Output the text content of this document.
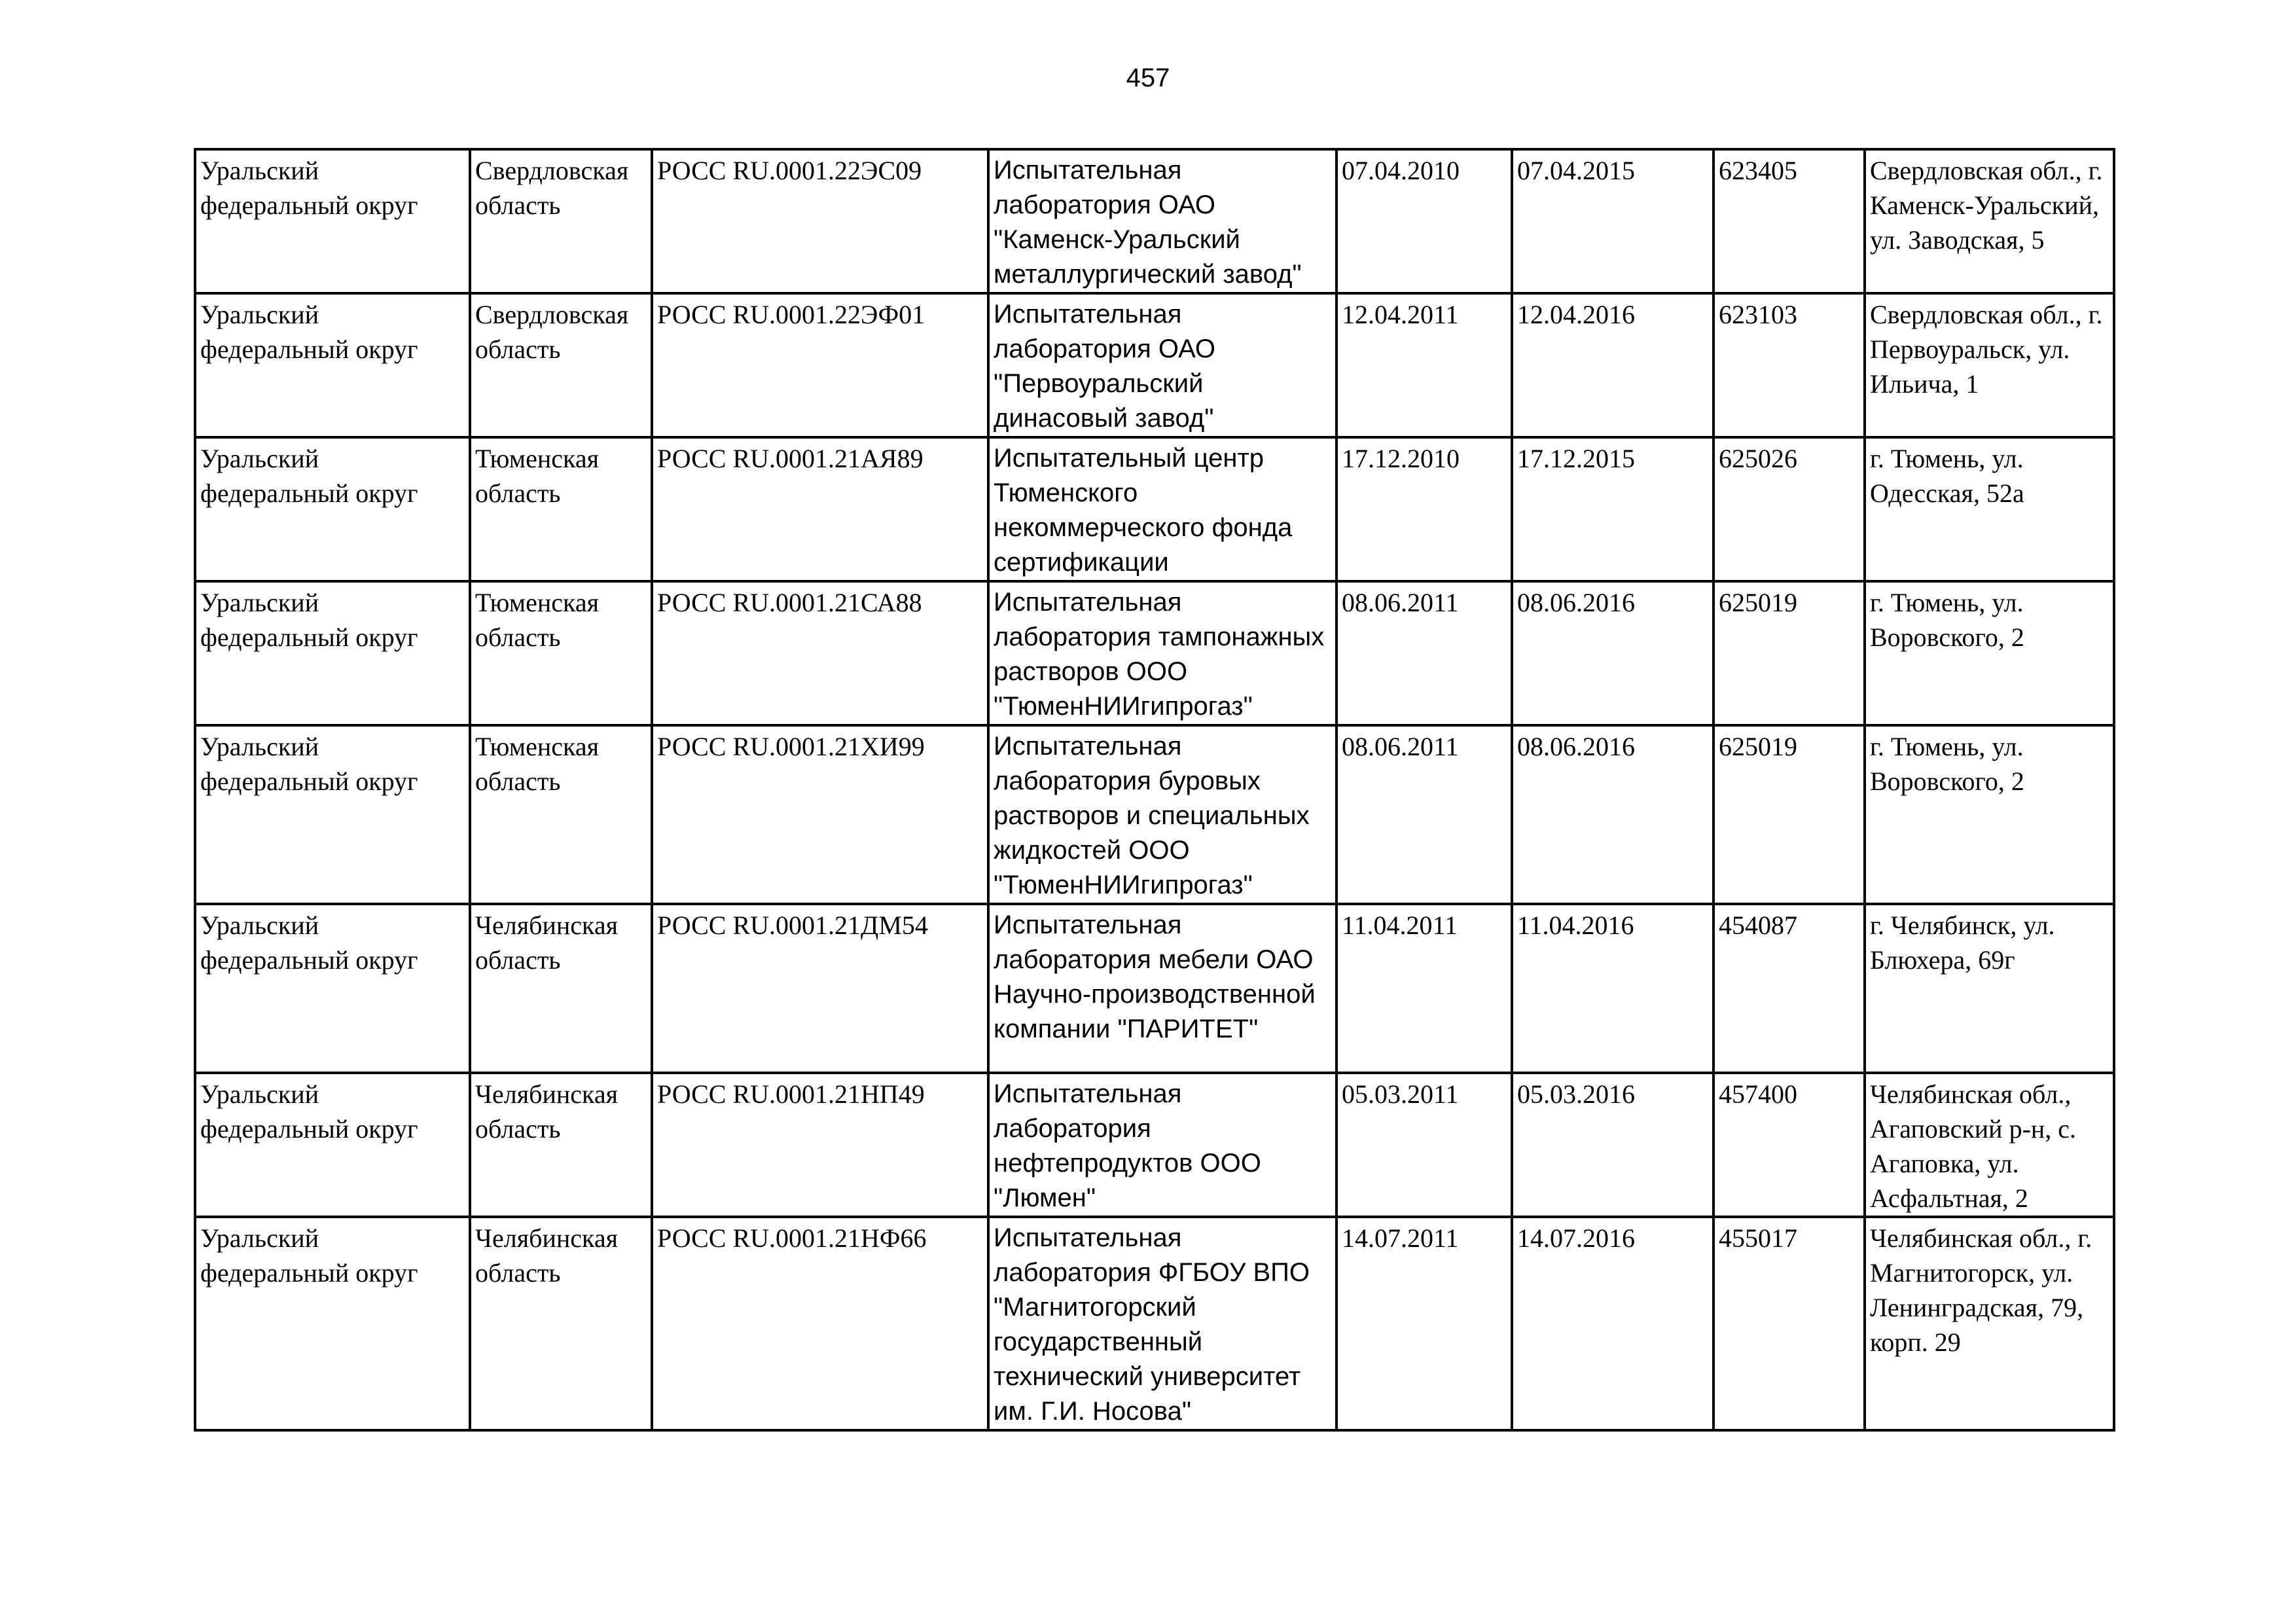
457
Уральский федеральный округ	Свердловская область	РОСС RU.0001.22ЭС09	Испытательная лаборатория ОАО "Каменск-Уральский металлургический завод"	07.04.2010	07.04.2015	623405	Свердловская обл., г. Каменск-Уральский, ул. Заводская, 5

Уральский федеральный округ	Свердловская область	РОСС RU.0001.22ЭФ01	Испытательная лаборатория ОАО "Первоуральский динасовый завод"	12.04.2011	12.04.2016	623103	Свердловская обл., г. Первоуральск, ул. Ильича, 1

Уральский федеральный округ	Тюменская область	РОСС RU.0001.21АЯ89	Испытательный центр Тюменского некоммерческого фонда сертификации	17.12.2010	17.12.2015	625026	г. Тюмень, ул. Одесская, 52а

Уральский федеральный округ	Тюменская область	РОСС RU.0001.21СА88	Испытательная лаборатория тампонажных растворов ООО "ТюменНИИгипрогаз"	08.06.2011	08.06.2016	625019	г. Тюмень, ул. Воровского, 2

Уральский федеральный округ	Тюменская область	РОСС RU.0001.21ХИ99	Испытательная лаборатория буровых растворов и специальных жидкостей ООО "ТюменНИИгипрогаз"	08.06.2011	08.06.2016	625019	г. Тюмень, ул. Воровского, 2

Уральский федеральный округ	Челябинская область	РОСС RU.0001.21ДМ54	Испытательная лаборатория мебели ОАО Научно-производственной компании "ПАРИТЕТ"	11.04.2011	11.04.2016	454087	г. Челябинск, ул. Блюхера, 69г

Уральский федеральный округ	Челябинская область	РОСС RU.0001.21НП49	Испытательная лаборатория нефтепродуктов ООО "Люмен"	05.03.2011	05.03.2016	457400	Челябинская обл., Агаповский р-н, с. Агаповка, ул. Асфальтная, 2

Уральский федеральный округ	Челябинская область	РОСС RU.0001.21НФ66	Испытательная лаборатория ФГБОУ ВПО "Магнитогорский государственный технический университет им. Г.И. Носова"	14.07.2011	14.07.2016	455017	Челябинская обл., г. Магнитогорск, ул. Ленинградская, 79, корп. 29
